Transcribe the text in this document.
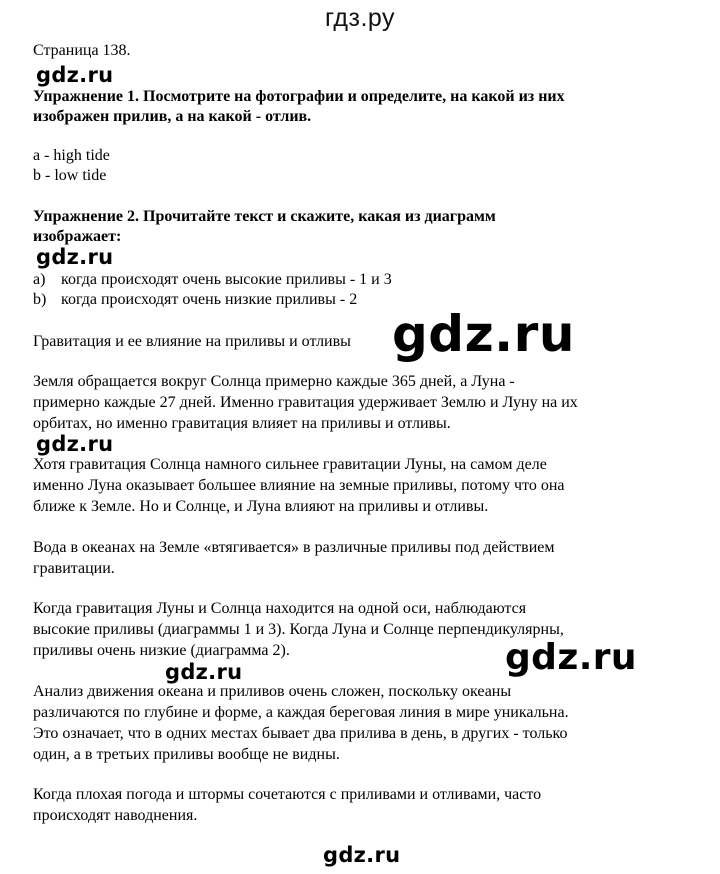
гдз.ру
Страница 138.
Упражнение 1. Посмотрите на фотографии и определите, на какой из них
изображен прилив, а на какой - отлив.
a - high tide
b - low tide
Упражнение 2. Прочитайте текст и скажите, какая из диаграмм
изображает:
a) когда происходят очень высокие приливы - 1 и 3
b) когда происходят очень низкие приливы - 2
Гравитация и ее влияние на приливы и отливы
Земля обращается вокруг Солнца примерно каждые 365 дней, а Луна -
примерно каждые 27 дней. Именно гравитация удерживает Землю и Луну на их
орбитах, но именно гравитация влияет на приливы и отливы.
Хотя гравитация Солнца намного сильнее гравитации Луны, на самом деле
именно Луна оказывает большее влияние на земные приливы, потому что она
ближе к Земле. Но и Солнце, и Луна влияют на приливы и отливы.
Вода в океанах на Земле «втягивается» в различные приливы под действием
гравитации.
Когда гравитация Луны и Солнца находится на одной оси, наблюдаются
высокие приливы (диаграммы 1 и 3). Когда Луна и Солнце перпендикулярны,
приливы очень низкие (диаграмма 2).
Анализ движения океана и приливов очень сложен, поскольку океаны
различаются по глубине и форме, а каждая береговая линия в мире уникальна.
Это означает, что в одних местах бывает два прилива в день, в других - только
один, а в третьих приливы вообще не видны.
Когда плохая погода и штормы сочетаются с приливами и отливами, часто
происходят наводнения.
gdz.ru
gdz.ru
gdz.ru
gdz.ru
gdz.ru	gdz.ru
gdz.ru
